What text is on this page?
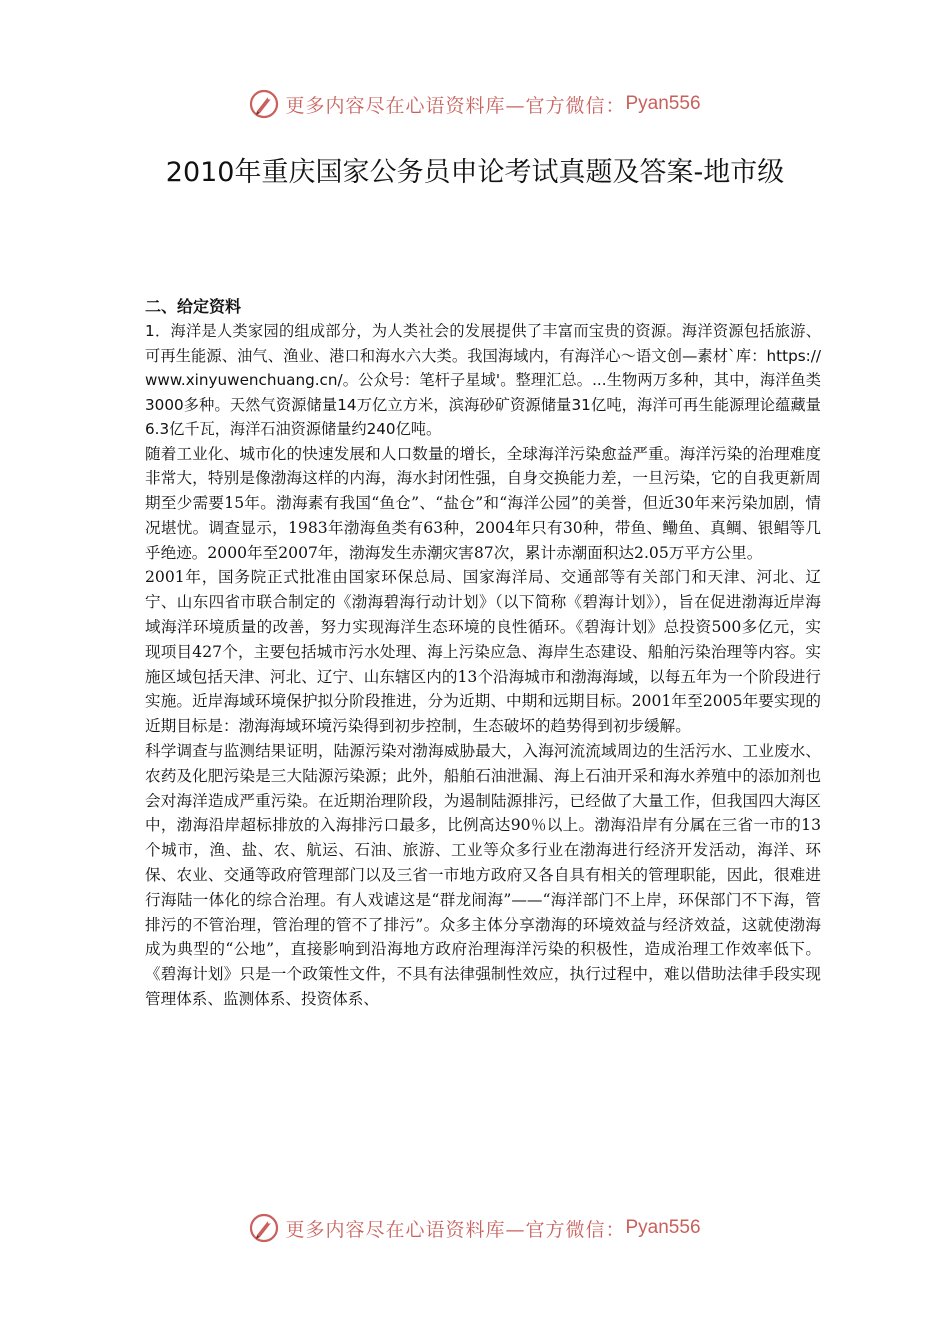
更多内容尽在心语资料库—官方微信： Pyan556
2010年重庆国家公务员申论考试真题及答案-地市级
二、给定资料
1．海洋是人类家园的组成部分，为人类社会的发展提供了丰富而宝贵的资源。海洋资源包括旅游、可再生能源、油气、渔业、港口和海水六大类。我国海域内，有海洋心～语文创—素材`库：https://www.xinyuwenchuang.cn/。公众号：笔杆子星域'。整理汇总。...生物两万多种，其中，海洋鱼类3000多种。天然气资源储量14万亿立方米，滨海砂矿资源储量31亿吨，海洋可再生能源理论蕴藏量6.3亿千瓦，海洋石油资源储量约240亿吨。
随着工业化、城市化的快速发展和人口数量的增长，全球海洋污染愈益严重。海洋污染的治理难度非常大，特别是像渤海这样的内海，海水封闭性强，自身交换能力差，一旦污染，它的自我更新周期至少需要15年。渤海素有我国“鱼仓”、“盐仓”和“海洋公园”的美誉，但近30年来污染加剧，情况堪忧。调查显示，1983年渤海鱼类有63种，2004年只有30种，带鱼、鳓鱼、真鲷、银鲳等几乎绝迹。2000年至2007年，渤海发生赤潮灾害87次，累计赤潮面积达2.05万平方公里。
2001年，国务院正式批准由国家环保总局、国家海洋局、交通部等有关部门和天津、河北、辽宁、山东四省市联合制定的《渤海碧海行动计划》（以下简称《碧海计划》），旨在促进渤海近岸海域海洋环境质量的改善，努力实现海洋生态环境的良性循环。《碧海计划》总投资500多亿元，实现项目427个，主要包括城市污水处理、海上污染应急、海岸生态建设、船舶污染治理等内容。实施区域包括天津、河北、辽宁、山东辖区内的13个沿海城市和渤海海域，以每五年为一个阶段进行实施。近岸海域环境保护拟分阶段推进，分为近期、中期和远期目标。2001年至2005年要实现的近期目标是：渤海海域环境污染得到初步控制，生态破坏的趋势得到初步缓解。
科学调查与监测结果证明，陆源污染对渤海威胁最大，入海河流流域周边的生活污水、工业废水、农药及化肥污染是三大陆源污染源；此外，船舶石油泄漏、海上石油开采和海水养殖中的添加剂也会对海洋造成严重污染。在近期治理阶段，为遏制陆源排污，已经做了大量工作，但我国四大海区中，渤海沿岸超标排放的入海排污口最多，比例高达90％以上。渤海沿岸有分属在三省一市的13个城市，渔、盐、农、航运、石油、旅游、工业等众多行业在渤海进行经济开发活动，海洋、环保、农业、交通等政府管理部门以及三省一市地方政府又各自具有相关的管理职能，因此，很难进行海陆一体化的综合治理。有人戏谑这是“群龙闹海”——“海洋部门不上岸，环保部门不下海，管排污的不管治理，管治理的管不了排污”。众多主体分享渤海的环境效益与经济效益，这就使渤海成为典型的“公地”，直接影响到沿海地方政府治理海洋污染的积极性，造成治理工作效率低下。《碧海计划》只是一个政策性文件，不具有法律强制性效应，执行过程中，难以借助法律手段实现管理体系、监测体系、投资体系、
更多内容尽在心语资料库—官方微信： Pyan556
